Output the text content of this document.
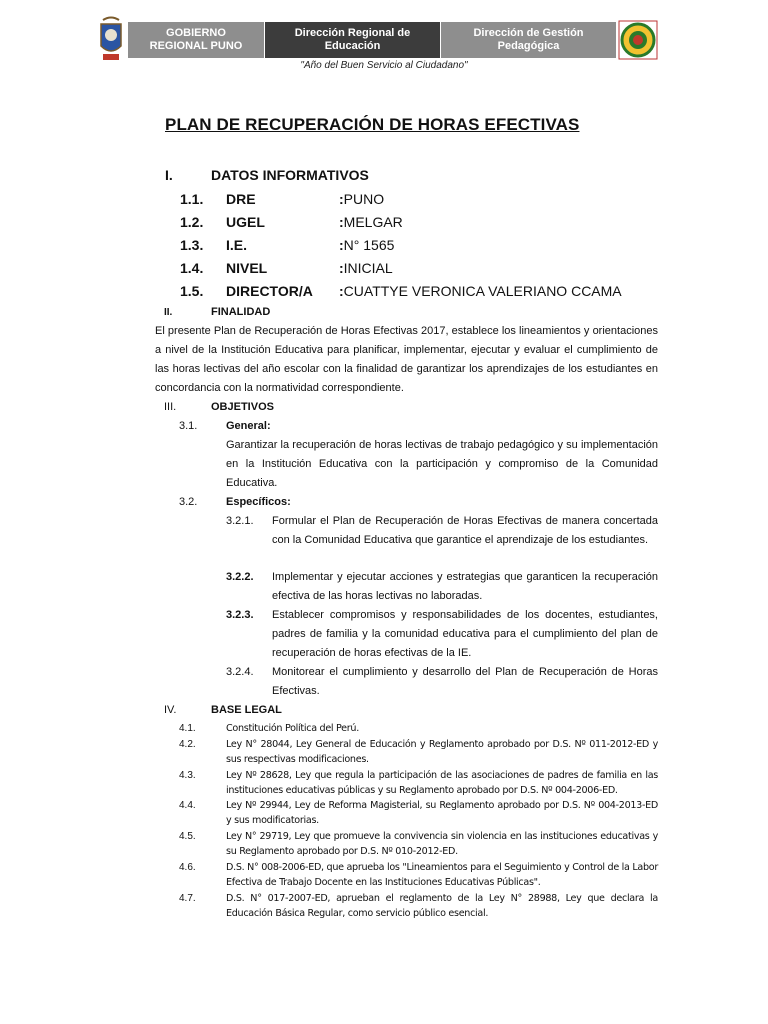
GOBIERNO
REGIONAL PUNO
Dirección Regional de
Educación
Dirección de Gestión
Pedagógica
"Año del Buen Servicio al Ciudadano"
PLAN DE RECUPERACIÓN DE HORAS EFECTIVAS
I.	DATOS INFORMATIVOS
1.1. DRE	:PUNO
1.2. UGEL	:MELGAR
1.3. I.E.	:N° 1565
1.4. NIVEL	:INICIAL
1.5. DIRECTOR/A :CUATTYE VERONICA VALERIANO CCAMA
II.	FINALIDAD
El presente Plan de Recuperación de Horas Efectivas 2017, establece los lineamientos y orientaciones a nivel de la Institución Educativa para planificar, implementar, ejecutar y evaluar el cumplimiento de las horas lectivas del año escolar con la finalidad de garantizar los aprendizajes de los estudiantes en concordancia con la normatividad correspondiente.
III.	OBJETIVOS
3.1.	General:
Garantizar la recuperación de horas lectivas de trabajo pedagógico y su implementación en la Institución Educativa con la participación y compromiso de la Comunidad Educativa.
3.2.	Específicos:
3.2.1. Formular el Plan de Recuperación de Horas Efectivas de manera concertada con la Comunidad Educativa que garantice el aprendizaje de los estudiantes.
3.2.2. Implementar y ejecutar acciones y estrategias que garanticen la recuperación efectiva de las horas lectivas no laboradas.
3.2.3. Establecer compromisos y responsabilidades de los docentes, estudiantes, padres de familia y la comunidad educativa para el cumplimiento del plan de recuperación de horas efectivas de la IE.
3.2.4. Monitorear el cumplimiento y desarrollo del Plan de Recuperación de Horas Efectivas.
IV.	BASE LEGAL
4.1.	Constitución Política del Perú.
4.2.	Ley N° 28044, Ley General de Educación y Reglamento aprobado por D.S. Nº 011-2012-ED y sus respectivas modificaciones.
4.3.	Ley Nº 28628, Ley que regula la participación de las asociaciones de padres de familia en las instituciones educativas públicas y su Reglamento aprobado por D.S. Nº 004-2006-ED.
4.4.	Ley Nº 29944, Ley de Reforma Magisterial, su Reglamento aprobado por D.S. Nº 004-2013-ED y sus modificatorias.
4.5.	Ley N° 29719, Ley que promueve la convivencia sin violencia en las instituciones educativas y su Reglamento aprobado por D.S. Nº 010-2012-ED.
4.6.	D.S. N° 008-2006-ED, que aprueba los "Lineamientos para el Seguimiento y Control de la Labor Efectiva de Trabajo Docente en las Instituciones Educativas Públicas".
4.7.	D.S. N° 017-2007-ED, aprueban el reglamento de la Ley N° 28988, Ley que declara la Educación Básica Regular, como servicio público esencial.
